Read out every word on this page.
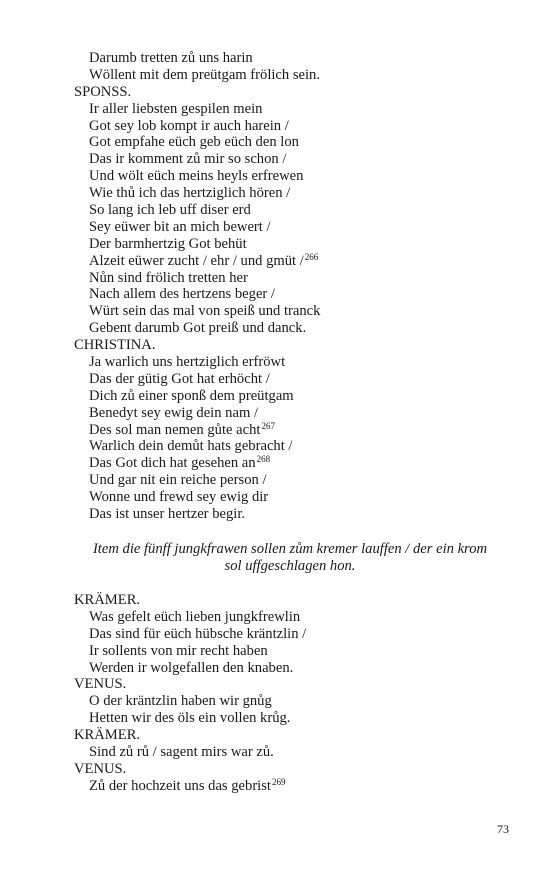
Darumb tretten zů uns harin
Wöllent mit dem preütgam frölich sein.
SPONSS.
Ir aller liebsten gespilen mein
Got sey lob kompt ir auch harein /
Got empfahe eüch geb eüch den lon
Das ir komment zů mir so schon /
Und wölt eüch meins heyls erfrewen
Wie thů ich das hertziglich hören /
So lang ich leb uff diser erd
Sey eüwer bit an mich bewert /
Der barmhertzig Got behüt
Alzeit eüwer zucht / ehr / und gmüt /$^{266}$
Nůn sind frölich tretten her
Nach allem des hertzens beger /
Würt sein das mal von speiß und tranck
Gebent darumb Got preiß und danck.
CHRISTINA.
Ja warlich uns hertziglich erfröwt
Das der gütig Got hat erhöcht /
Dich zů einer sponß dem preütgam
Benedyt sey ewig dein nam /
Des sol man nemen gůte acht$^{267}$
Warlich dein demůt hats gebracht /
Das Got dich hat gesehen $an^{268}$
Und gar nit ein reiche person /
Wonne und frewd sey ewig dir
Das ist unser hertzer begir.
Item die fünff jungkfrawen sollen zům kremer lauffen / der ein krom
sol uffgeschlagen hon.
KRÄMER.
Was gefelt eüch lieben jungkfrewlin
Das sind für eüch hübsche kräntzlin /
Ir sollents von mir recht haben
Werden ir wolgefallen den knaben.
VENUS.
O der kräntzlin haben wir gnůg
Hetten wir des öls ein vollen krůg.
KRÄMER.
Sind zů rů / sagent mirs war zů.
VENUS.
Zů der hochzeit uns das gebrist$^{269}$
73
